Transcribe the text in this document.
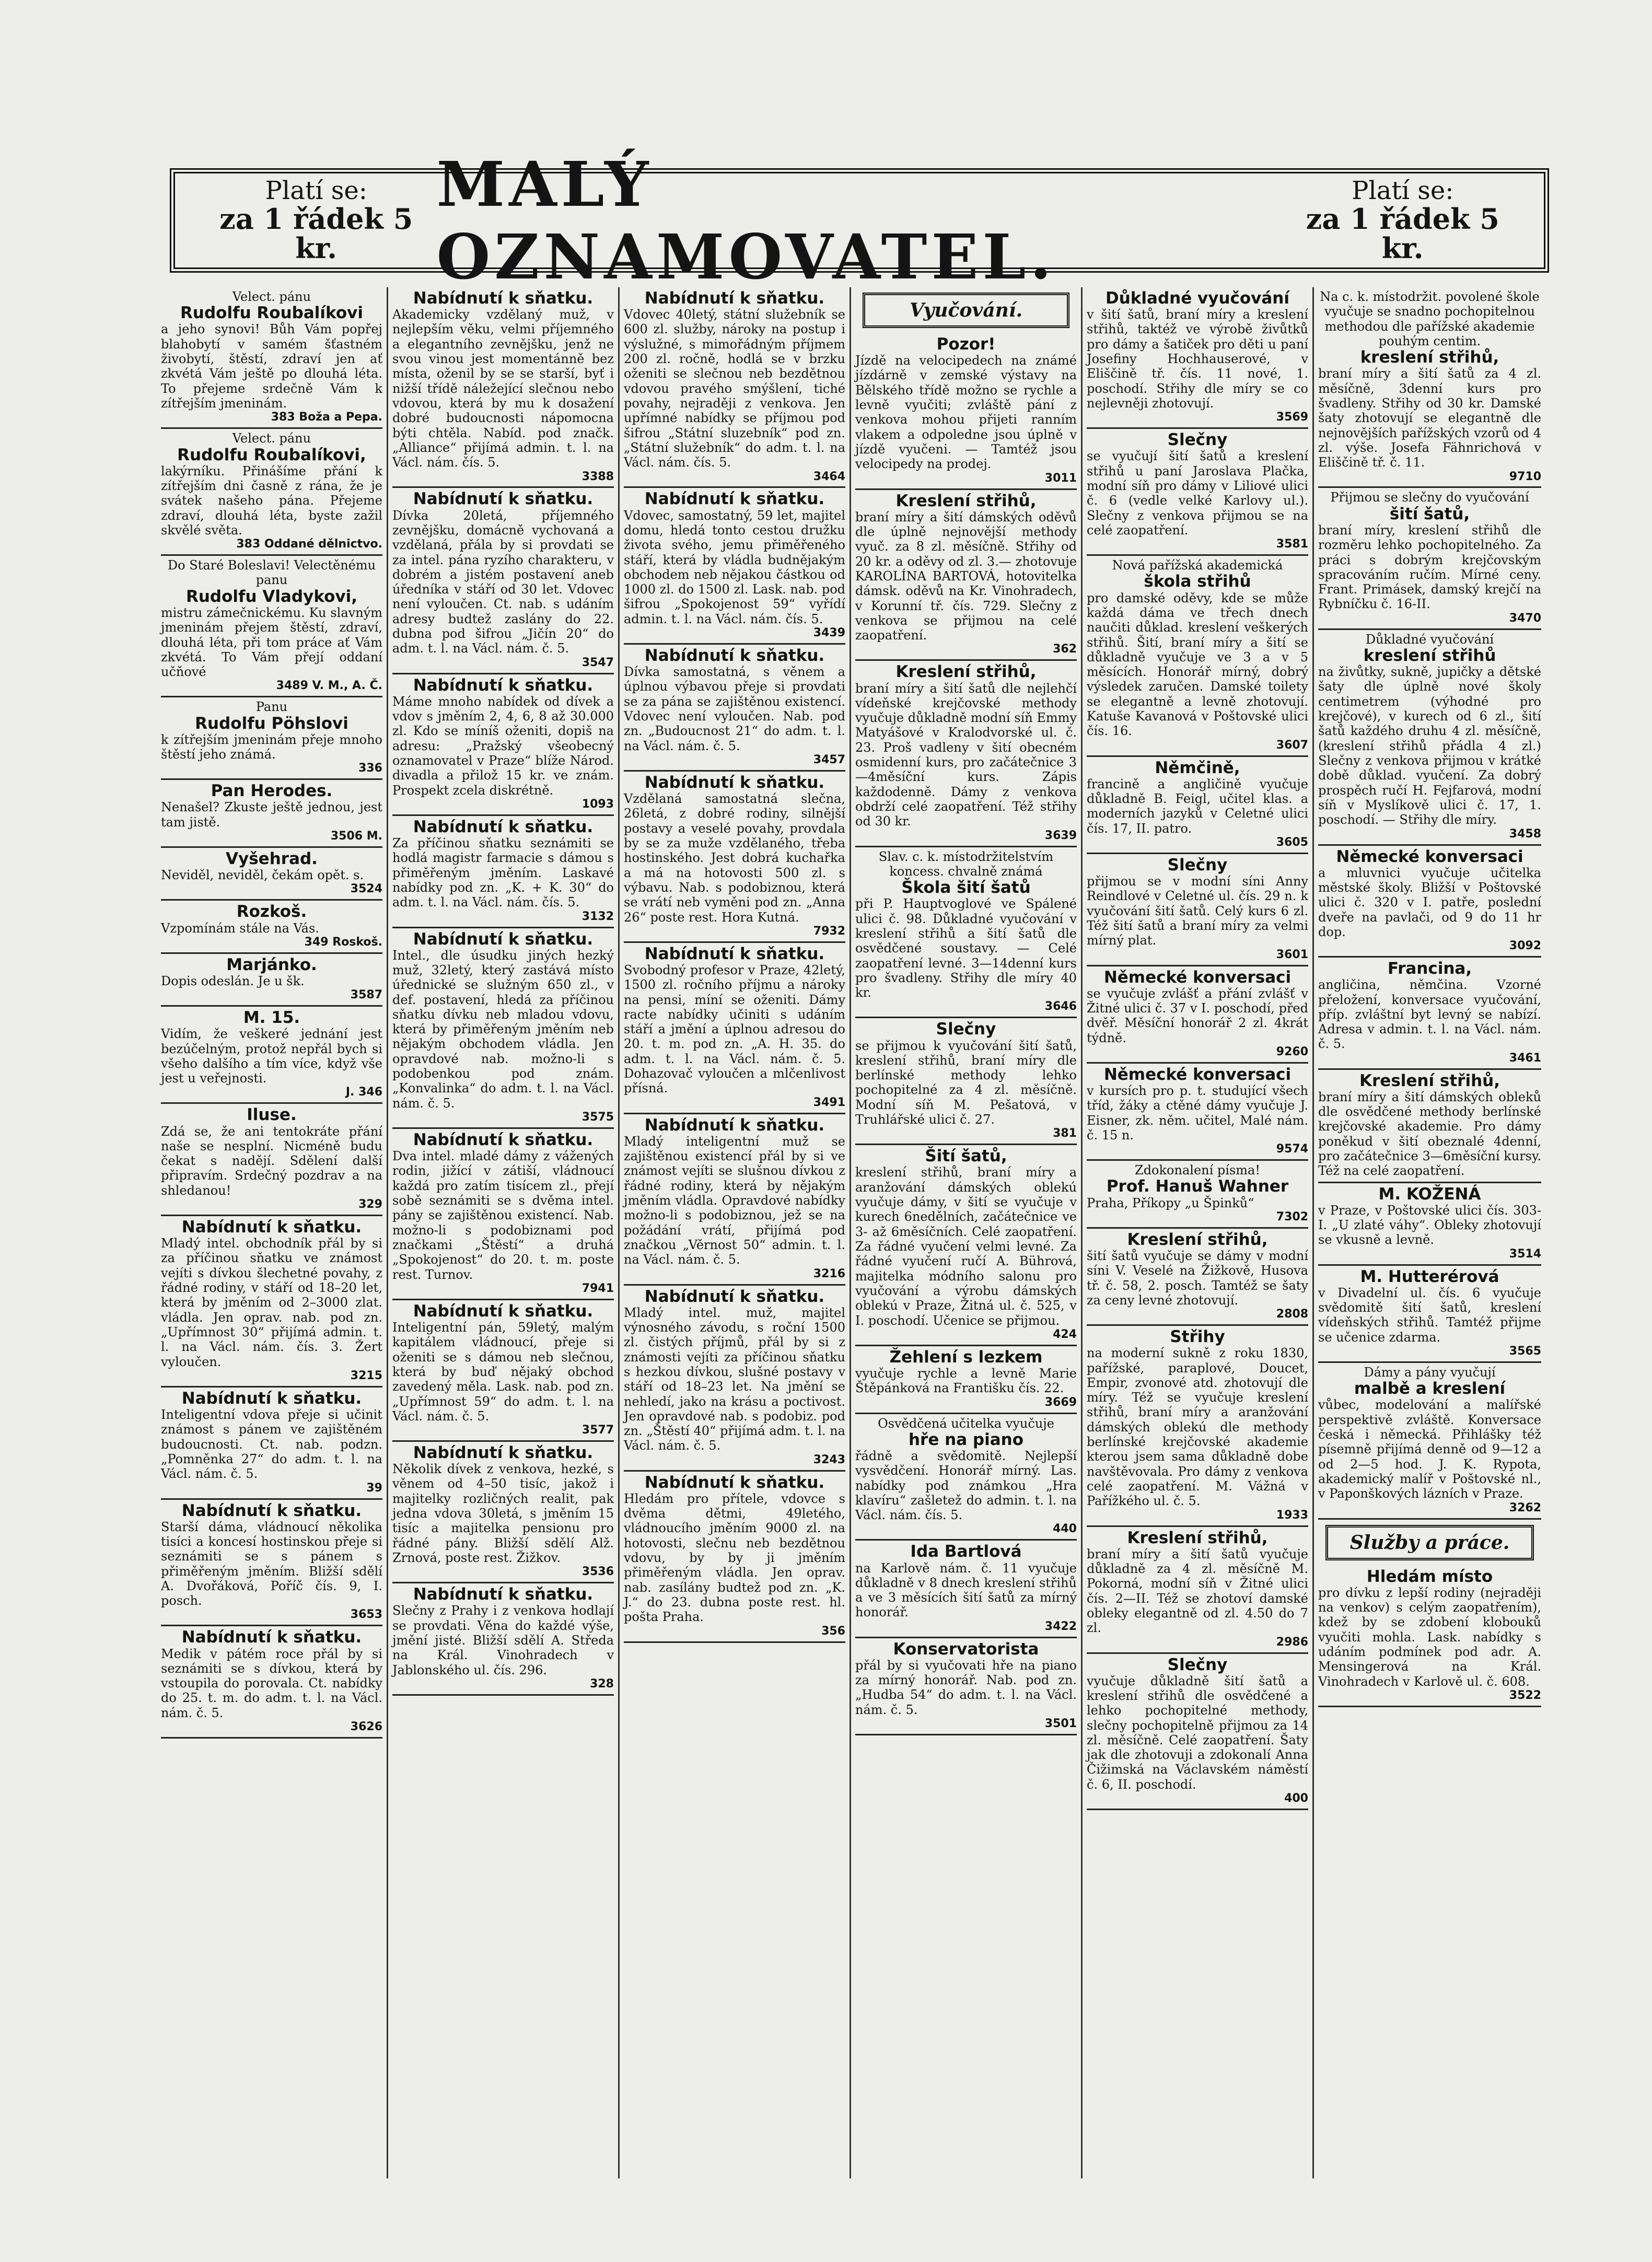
Platí se:
za 1 řádek 5 kr.
MALÝ OZNAMOVATEL.
Platí se:
za 1 řádek 5 kr.
Velect. pánu
Rudolfu Roubalíkovi
a jeho synovi! Bůh Vám popřej blahobytí v samém šťastném živobytí, štěstí, zdraví jen ať zkvétá Vám ještě po dlouhá léta. To přejeme srdečně Vám k zítřejším jmeninám.
383 Boža a Pepa.
Velect. pánu
Rudolfu Roubalíkovi,
lakýrníku. Přinášíme přání k zítřejším dni časně z rána, že je svátek našeho pána. Přejeme zdraví, dlouhá léta, byste zažil skvělé světa.
383 Oddané dělnictvo.
Do Staré Boleslavi! Velectěnému panu
Rudolfu Vladykovi,
mistru zámečnickému. Ku slavným jmeninám přejem štěstí, zdraví, dlouhá léta, při tom práce ať Vám zkvétá. To Vám přejí oddaní učňové
3489 V. M., A. Č.
Panu
Rudolfu Pöhslovi
k zítřejším jmeninám přeje mnoho štěstí jeho známá.
336
Pan Herodes.
Nenašel? Zkuste ještě jednou, jest tam jistě.
3506 M.
Vyšehrad.
Neviděl, neviděl, čekám opět. s.
3524
Rozkoš.
Vzpomínám stále na Vás.
349 Roskoš.
Marjánko.
Dopis odeslán. Je u šk.
3587
M. 15.
Vidím, že veškeré jednání jest bezúčelným, protož nepřál bych si všeho dalšího a tím více, když vše jest u veřejnosti.
J. 346
Iluse.
Zdá se, že ani tentokráte přání naše se nesplní. Nicméně budu čekat s nadějí. Sdělení další připravím. Srdečný pozdrav a na shledanou!
329
Nabídnutí k sňatku.
Mladý intel. obchodník přál by si za příčinou sňatku ve známost vejíti s dívkou šlechetné povahy, z řádné rodiny, v stáří od 18–20 let, která by jměním od 2–3000 zlat. vládla. Jen oprav. nab. pod zn. „Upřímnost 30“ přijímá admin. t. l. na Václ. nám. čís. 3. Žert vyloučen.
3215
Nabídnutí k sňatku.
Inteligentní vdova přeje si učinit známost s pánem ve zajištěném budoucnosti. Ct. nab. podzn. „Pomněnka 27“ do adm. t. l. na Václ. nám. č. 5.
39
Nabídnutí k sňatku.
Starší dáma, vládnoucí několika tisíci a koncesí hostinskou přeje si seznámiti se s pánem s přiměřeným jměním. Bližší sdělí A. Dvořáková, Poříč čís. 9, I. posch.
3653
Nabídnutí k sňatku.
Medik v pátém roce přál by si seznámiti se s dívkou, která by vstoupila do porovala. Ct. nabídky do 25. t. m. do adm. t. l. na Václ. nám. č. 5.
3626
Nabídnutí k sňatku.
Akademicky vzdělaný muž, v nejlepším věku, velmi příjemného a elegantního zevnějšku, jenž ne svou vinou jest momentánně bez místa, oženil by se se starší, byť i nižší třídě náležející slečnou nebo vdovou, která by mu k dosažení dobré budoucnosti nápomocna býti chtěla. Nabíd. pod značk. „Alliance“ přijímá admin. t. l. na Václ. nám. čís. 5.
3388
Nabídnutí k sňatku.
Dívka 20letá, příjemného zevnějšku, domácně vychovaná a vzdělaná, přála by si provdati se za intel. pána ryzího charakteru, v dobrém a jistém postavení aneb úředníka v stáří od 30 let. Vdovec není vyloučen. Ct. nab. s udáním adresy budtež zaslány do 22. dubna pod šifrou „Jičín 20“ do adm. t. l. na Václ. nám. č. 5.
3547
Nabídnutí k sňatku.
Máme mnoho nabídek od dívek a vdov s jměním 2, 4, 6, 8 až 30.000 zl. Kdo se míníš oženiti, dopiš na adresu: „Pražský všeobecný oznamovatel v Praze“ blíže Národ. divadla a přilož 15 kr. ve znám. Prospekt zcela diskrétně.
1093
Nabídnutí k sňatku.
Za příčinou sňatku seznámiti se hodlá magistr farmacie s dámou s přiměřeným jměním. Laskavé nabídky pod zn. „K. + K. 30“ do adm. t. l. na Václ. nám. čís. 5.
3132
Nabídnutí k sňatku.
Intel., dle úsudku jiných hezký muž, 32letý, který zastává místo úřednické se služným 650 zl., v def. postavení, hledá za příčinou sňatku dívku neb mladou vdovu, která by přiměřeným jměním neb nějakým obchodem vládla. Jen opravdové nab. možno-li s podobenkou pod znám. „Konvalinka“ do adm. t. l. na Václ. nám. č. 5.
3575
Nabídnutí k sňatku.
Dva intel. mladé dámy z vážených rodin, jižící v zátiší, vládnoucí každá pro zatím tisícem zl., přejí sobě seznámiti se s dvěma intel. pány se zajištěnou existencí. Nab. možno-li s podobiznami pod značkami „Štěstí“ a druhá „Spokojenost“ do 20. t. m. poste rest. Turnov.
7941
Nabídnutí k sňatku.
Inteligentní pán, 59letý, malým kapitálem vládnoucí, přeje si oženiti se s dámou neb slečnou, která by buď nějaký obchod zavedený měla. Lask. nab. pod zn. „Upřímnost 59“ do adm. t. l. na Václ. nám. č. 5.
3577
Nabídnutí k sňatku.
Několik dívek z venkova, hezké, s věnem od 4–50 tisíc, jakož i majitelky rozličných realit, pak jedna vdova 30letá, s jměním 15 tisíc a majitelka pensionu pro řádné pány. Bližší sdělí Alž. Zrnová, poste rest. Žižkov.
3536
Nabídnutí k sňatku.
Slečny z Prahy i z venkova hodlají se provdati. Věna do každé výše, jmění jisté. Bližší sdělí A. Středa na Král. Vinohradech v Jablonského ul. čís. 296.
328
Nabídnutí k sňatku.
Vdovec 40letý, státní služebník se 600 zl. služby, nároky na postup i výslužné, s mimořádným příjmem 200 zl. ročně, hodlá se v brzku oženiti se slečnou neb bezdětnou vdovou pravého smýšlení, tiché povahy, nejraději z venkova. Jen upřímné nabídky se příjmou pod šifrou „Státní sluzebník“ pod zn. „Státní služebník“ do adm. t. l. na Václ. nám. čís. 5.
3464
Nabídnutí k sňatku.
Vdovec, samostatný, 59 let, majitel domu, hledá tonto cestou družku života svého, jemu přiměřeného stáří, která by vládla budnějakým obchodem neb nějakou částkou od 1000 zl. do 1500 zl. Lask. nab. pod šifrou „Spokojenost 59“ vyřídí admin. t. l. na Václ. nám. čís. 5.
3439
Nabídnutí k sňatku.
Dívka samostatná, s věnem a úplnou výbavou přeje si provdati se za pána se zajištěnou existencí. Vdovec není vyloučen. Nab. pod zn. „Budoucnost 21“ do adm. t. l. na Václ. nám. č. 5.
3457
Nabídnutí k sňatku.
Vzdělaná samostatná slečna, 26letá, z dobré rodiny, silnější postavy a veselé povahy, provdala by se za muže vzdělaného, třeba hostinského. Jest dobrá kuchařka a má na hotovosti 500 zl. s výbavu. Nab. s podobiznou, která se vrátí neb vyměni pod zn. „Anna 26“ poste rest. Hora Kutná.
7932
Nabídnutí k sňatku.
Svobodný profesor v Praze, 42letý, 1500 zl. ročního příjmu a nároky na pensi, míní se oženiti. Dámy racte nabídky učiniti s udáním stáří a jmění a úplnou adresou do 20. t. m. pod zn. „A. H. 35. do adm. t. l. na Václ. nám. č. 5. Dohazovač vyloučen a mlčenlivost přísná.
3491
Nabídnutí k sňatku.
Mladý inteligentní muž se zajištěnou existencí přál by si ve známost vejíti se slušnou dívkou z řádné rodiny, která by nějakým jměním vládla. Opravdové nabídky možno-li s podobiznou, jež se na požádání vrátí, přijímá pod značkou „Věrnost 50“ admin. t. l. na Václ. nám. č. 5.
3216
Nabídnutí k sňatku.
Mladý intel. muž, majitel výnosného závodu, s roční 1500 zl. čistých příjmů, přál by si z známosti vejíti za příčinou sňatku s hezkou dívkou, slušné postavy v stáří od 18–23 let. Na jmění se nehledí, jako na krásu a poctivost. Jen opravdové nab. s podobiz. pod zn. „Štěstí 40“ přijímá adm. t. l. na Václ. nám. č. 5.
3243
Nabídnutí k sňatku.
Hledám pro přítele, vdovce s dvěma dětmi, 49letého, vládnoucího jměním 9000 zl. na hotovosti, slečnu neb bezdětnou vdovu, by by ji jměním přiměřeným vládla. Jen oprav. nab. zasílány budtež pod zn. „K. J.“ do 23. dubna poste rest. hl. pošta Praha.
356
Vyučování.
Pozor!
Jízdě na velocipedech na známé jízdárně v zemské výstavy na Bělského třídě možno se rychle a levně vyučiti; zvláště pání z venkova mohou přijeti ranním vlakem a odpoledne jsou úplně v jízdě vyučeni. — Tamtéž jsou velocipedy na prodej.
3011
Kreslení střihů,
braní míry a šití dámských oděvů dle úplně nejnovější methody vyuč. za 8 zl. měsíčně. Střihy od 20 kr. a oděvy od zl. 3.— zhotovuje KAROLÍNA BARTOVÁ, hotovitelka dámsk. oděvů na Kr. Vinohradech, v Korunní tř. čís. 729. Slečny z venkova se přijmou na celé zaopatření.
362
Kreslení střihů,
braní míry a šití šatů dle nejlehčí vídeňské krejčovské methody vyučuje důkladně modní síň Emmy Matyášové v Kralodvorské ul. č. 23. Proš vadleny v šití obecném osmidenní kurs, pro začátečnice 3—4měsíční kurs. Zápis každodenně. Dámy z venkova obdrží celé zaopatření. Též střihy od 30 kr.
3639
Slav. c. k. místodržitelstvím koncess. chvalně známá
Škola šití šatů
při P. Hauptvoglové ve Spálené ulici č. 98. Důkladné vyučování v kreslení střihů a šití šatů dle osvědčené soustavy. — Celé zaopatření levné. 3—14denní kurs pro švadleny. Střihy dle míry 40 kr.
3646
Slečny
se přijmou k vyučování šití šatů, kreslení střihů, braní míry dle berlínské methody lehko pochopitelné za 4 zl. měsíčně. Modní síň M. Pešatová, v Truhlářské ulici č. 27.
381
Šití šatů,
kreslení střihů, braní míry a aranžování dámských oblekú vyučuje dámy, v šití se vyučuje v kurech 6nedělních, začátečnice ve 3- až 6měsíčních. Celé zaopatření. Za řádné vyučení velmi levné. Za řádné vyučení ručí A. Bührová, majitelka módního salonu pro vyučování a výrobu dámských oblekú v Praze, Žitná ul. č. 525, v I. poschodí. Učenice se přijmou.
424
Žehlení s lezkem
vyučuje rychle a levně Marie Štěpánková na Františku čís. 22.
3669
Osvědčená učitelka vyučuje
hře na piano
řádně a svědomitě. Nejlepší vysvědčení. Honorář mírný. Las. nabídky pod známkou „Hra klavíru“ zašletež do admin. t. l. na Václ. nám. čís. 5.
440
Ida Bartlová
na Karlově nám. č. 11 vyučuje důkladně v 8 dnech kreslení střihů a ve 3 měsících šití šatů za mírný honorář.
3422
Konservatorista
přál by si vyučovati hře na piano za mírný honorář. Nab. pod zn. „Hudba 54“ do adm. t. l. na Václ. nám. č. 5.
3501
Důkladné vyučování
v šití šatů, braní míry a kreslení střihů, taktéž ve výrobě živůtků pro dámy a šatiček pro děti u paní Josefiny Hochhauserové, v Eliščině tř. čís. 11 nové, 1. poschodí. Střihy dle míry se co nejlevněji zhotovují.
3569
Slečny
se vyučují šití šatů a kreslení střihů u paní Jaroslava Plačka, modní síň pro dámy v Liliové ulici č. 6 (vedle velké Karlovy ul.). Slečny z venkova přijmou se na celé zaopatření.
3581
Nová pařížská akademická
škola střihů
pro damské oděvy, kde se může každá dáma ve třech dnech naučiti důklad. kreslení veškerých střihů. Šití, braní míry a šití se důkladně vyučuje ve 3 a v 5 měsících. Honorář mírný, dobrý výsledek zaručen. Damské toilety se elegantně a levně zhotovují. Katuše Kavanová v Poštovské ulici čís. 16.
3607
Němčině,
francině a angličině vyučuje důkladně B. Feigl, učitel klas. a moderních jazyků v Celetné ulici čís. 17, II. patro.
3605
Slečny
přijmou se v modní síni Anny Reindlové v Celetné ul. čís. 29 n. k vyučování šití šatů. Celý kurs 6 zl. Též šití šatů a braní míry za velmi mírný plat.
3601
Německé konversaci
se vyučuje zvlášť a přání zvlášť v Žitné ulici č. 37 v I. poschodí, před dvěř. Měsíční honorář 2 zl. 4krát týdně.
9260
Německé konversaci
v kursích pro p. t. studující všech tříd, žáky a ctěné dámy vyučuje J. Eisner, zk. něm. učitel, Malé nám. č. 15 n.
9574
Zdokonalení písma!
Prof. Hanuš Wahner
Praha, Příkopy „u Špinků“
7302
Kreslení střihů,
šití šatů vyučuje se dámy v modní síni V. Veselé na Žižkově, Husova tř. č. 58, 2. posch. Tamtéž se šaty za ceny levné zhotovují.
2808
Střihy
na moderní sukně z roku 1830, pařížské, paraplové, Doucet, Empir, zvonové atd. zhotovují dle míry. Též se vyučuje kreslení střihů, braní míry a aranžování dámských oblekú dle methody berlínské krejčovské akademie kterou jsem sama důkladně dobe navštěvovala. Pro dámy z venkova celé zaopatření. M. Vážná v Pařížkého ul. č. 5.
1933
Kreslení střihů,
braní míry a šití šatů vyučuje důkladně za 4 zl. měsíčně M. Pokorná, modní síň v Žitné ulici čís. 2—II. Též se zhotoví damské obleky elegantně od zl. 4.50 do 7 zl.
2986
Slečny
vyučuje důkladně šití šatů a kreslení střihů dle osvědčené a lehko pochopitelné methody, slečny pochopitelně přijmou za 14 zl. měsíčně. Celé zaopatření. Šaty jak dle zhotovuji a zdokonalí Anna Čižimská na Václavském náměstí č. 6, II. poschodí.
400
Na c. k. místodržit. povolené škole vyučuje se snadno pochopitelnou methodou dle pařížské akademie pouhým centim.
kreslení střihů,
braní míry a šití šatů za 4 zl. měsíčně, 3denní kurs pro švadleny. Střihy od 30 kr. Damské šaty zhotovují se elegantně dle nejnovějších pařížských vzorů od 4 zl. výše. Josefa Fähnrichová v Eliščině tř. č. 11.
9710
Přijmou se slečny do vyučování
šití šatů,
braní míry, kreslení střihů dle rozměru lehko pochopitelného. Za práci s dobrým krejčovským spracováním ručím. Mírné ceny. Frant. Primásek, damský krejčí na Rybníčku č. 16-II.
3470
Důkladné vyučování
kreslení střihů
na živůtky, sukně, jupičky a dětské šaty dle úplně nové školy centimetrem (výhodné pro krejčové), v kurech od 6 zl., šití šatů každého druhu 4 zl. měsíčně, (kreslení střihů přádla 4 zl.) Slečny z venkova přijmou v krátké době důklad. vyučení. Za dobrý prospěch ručí H. Fejfarová, modní síň v Myslíkově ulici č. 17, 1. poschodí. — Střihy dle míry.
3458
Německé konversaci
a mluvnici vyučuje učitelka městské školy. Bližší v Poštovské ulici č. 320 v I. patře, poslední dveře na pavlači, od 9 do 11 hr dop.
3092
Francina,
angličina, němčina. Vzorné přeložení, konversace vyučování, příp. zvláštní byt levný se nabízí. Adresa v admin. t. l. na Václ. nám. č. 5.
3461
Kreslení střihů,
braní míry a šití dámských obleků dle osvědčené methody berlínské krejčovské akademie. Pro dámy poněkud v šití obeznalé 4denní, pro začátečnice 3—6měsíční kursy. Též na celé zaopatření.
M. KOŽENÁ
v Praze, v Poštovské ulici čís. 303-I. „U zlaté váhy“. Obleky zhotovují se vkusně a levně.
3514
M. Hutterérová
v Divadelní ul. čís. 6 vyučuje svědomitě šití šatů, kreslení vídeňských střihů. Tamtéž přijme se učenice zdarma.
3565
Dámy a pány vyučují
malbě a kreslení
vůbec, modelování a malířské perspektivě zvláště. Konversace česká i německá. Přihlášky též písemně přijímá denně od 9—12 a od 2—5 hod. J. K. Rypota, akademický malíř v Poštovské nl., v Paponškových lázních v Praze.
3262
Služby a práce.
Hledám místo
pro dívku z lepší rodiny (nejraději na venkov) s celým zaopatřením), kdež by se zdobení klobouků vyučiti mohla. Lask. nabídky s udáním podmínek pod adr. A. Mensingerová na Král. Vinohradech v Karlově ul. č. 608.
3522
